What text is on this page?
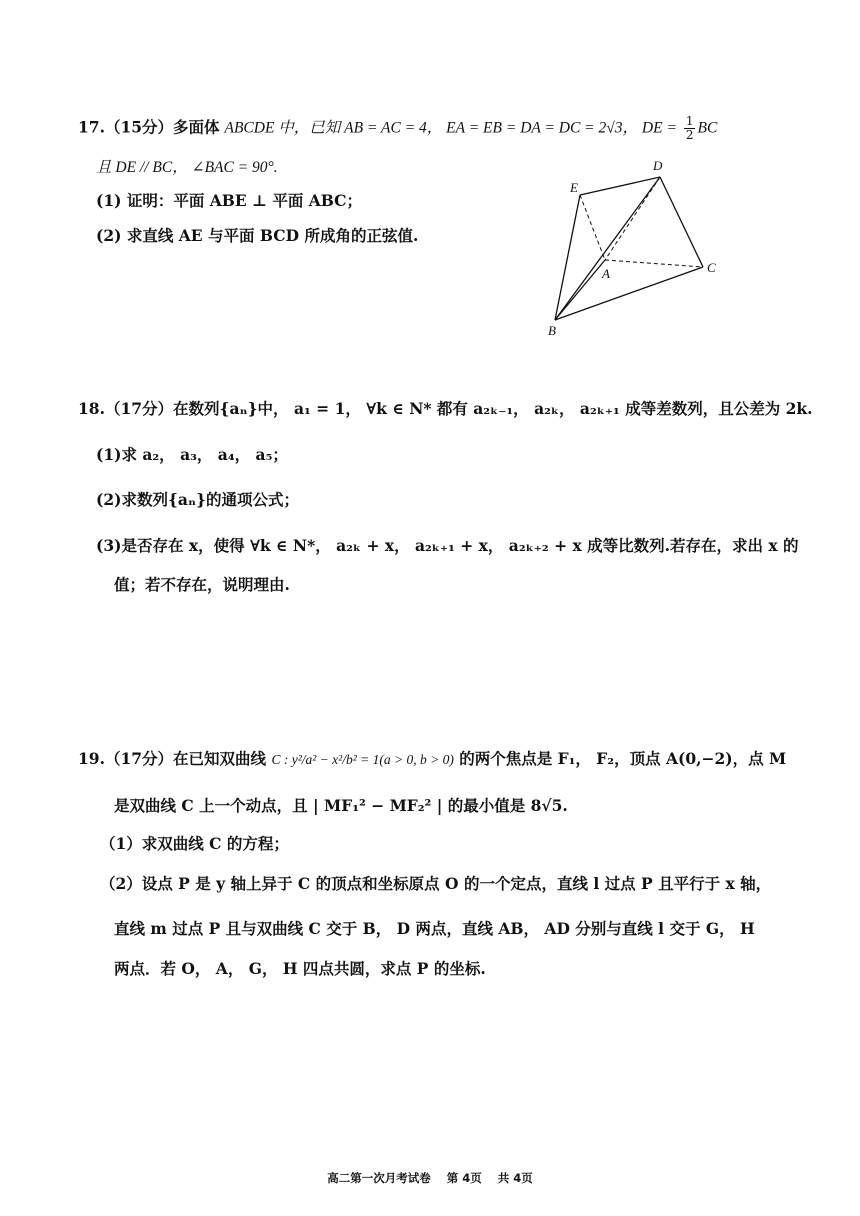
17.（15分）多面体 ABCDE 中，已知 AB = AC = 4， EA = EB = DA = DC = 2√3， DE = $\frac{1}{2}$ BC
且 DE // BC， ∠BAC = 90°.
(1) 证明：平面 ABE ⊥ 平面 ABC；
(2) 求直线 AE 与平面 BCD 所成角的正弦值.
D
E
A	C
B
18.（17分）在数列{aₙ}中， a₁ = 1， ∀k ∈ N* 都有 a₂ₖ₋₁， a₂ₖ， a₂ₖ₊₁ 成等差数列，且公差为 2k.
(1)求 a₂， a₃， a₄， a₅；
(2)求数列{aₙ}的通项公式；
(3)是否存在 x，使得 ∀k ∈ N*， a₂ₖ + x， a₂ₖ₊₁ + x， a₂ₖ₊₂ + x 成等比数列.若存在，求出 x 的
值；若不存在，说明理由.
19.（17分）在已知双曲线 C : y²/a² − x²/b² = 1(a > 0, b > 0) 的两个焦点是 F₁， F₂，顶点 A(0,−2)，点 M
是双曲线 C 上一个动点，且 | MF₁² − MF₂² | 的最小值是 8√5.
（1）求双曲线 C 的方程；
（2）设点 P 是 y 轴上异于 C 的顶点和坐标原点 O 的一个定点，直线 l 过点 P 且平行于 x 轴，
直线 m 过点 P 且与双曲线 C 交于 B， D 两点，直线 AB， AD 分别与直线 l 交于 G， H
两点．若 O， A， G， H 四点共圆，求点 P 的坐标.
高二第一次月考试卷 第 4页 共 4页
